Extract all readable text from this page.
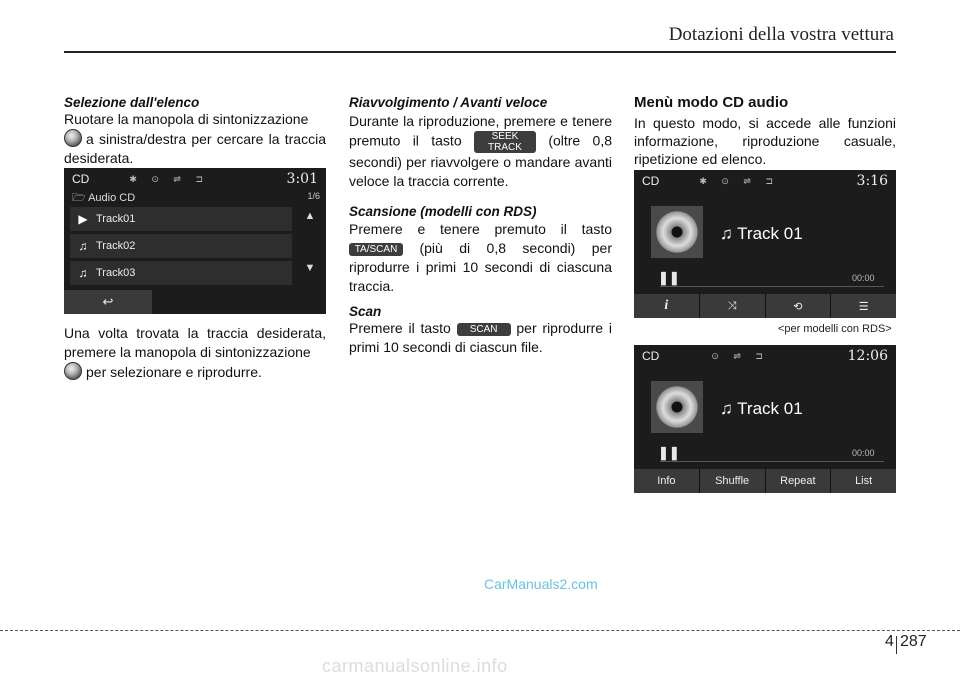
Dotazioni della vostra vettura
Selezione dall'elenco
Ruotare la manopola di sintonizzazione
a sinistra/destra per cercare la traccia desiderata.
CD	✱ ⊙ ⇌ ⊐	3:01
🗁 Audio CD	1/6
▶ Track01
♫ Track02
♫ Track03
▲
▼
↩
Una volta trovata la traccia desiderata, premere la manopola di sintonizzazione
per selezionare e riprodurre.
Riavvolgimento / Avanti veloce
Durante la riproduzione, premere e tenere premuto il tasto	SEEK
TRACK (oltre 0,8 secondi) per riavvolgere o mandare avanti veloce la traccia corrente.
Scansione (modelli con RDS)
Premere e tenere premuto il tasto TA/SCAN (più di 0,8 secondi) per riprodurre i primi 10 secondi di ciascuna traccia.
Scan
Premere il tasto SCAN per riprodurre i primi 10 secondi di ciascun file.
Menù modo CD audio
In questo modo, si accede alle funzioni informazione, riproduzione casuale, ripetizione ed elenco.
CD	✱ ⊙ ⇌ ⊐	3:16
♫ Track 01
❚❚	00:00
i	⤨	⟲	☰
<per modelli con RDS>
CD	⊙ ⇌ ⊐	12:06
♫ Track 01
❚❚	00:00
Info	Shuffle	Repeat	List
CarManuals2.com
4 287
carmanualsonline.info
